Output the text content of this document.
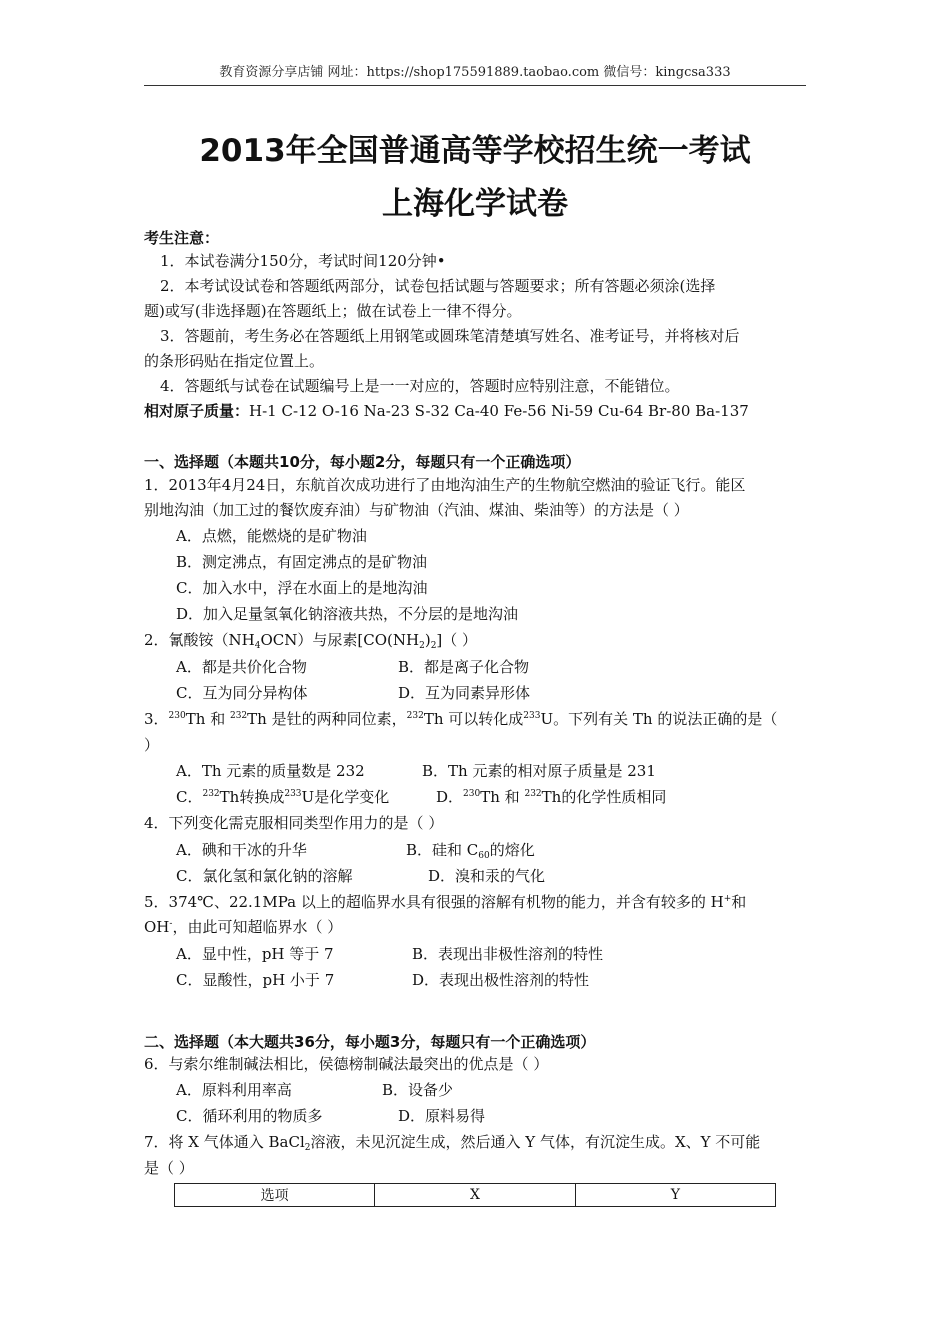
教育资源分享店铺 网址：https://shop175591889.taobao.com 微信号：kingcsa333
2013年全国普通高等学校招生统一考试
上海化学试卷
考生注意：
1．本试卷满分150分，考试时间120分钟•
2．本考试设试卷和答题纸两部分，试卷包括试题与答题要求；所有答题必须涂(选择
题)或写(非选择题)在答题纸上；做在试卷上一律不得分。
3．答题前，考生务必在答题纸上用钢笔或圆珠笔清楚填写姓名、准考证号，并将核对后
的条形码贴在指定位置上。
4．答题纸与试卷在试题编号上是一一对应的，答题时应特别注意，不能错位。
相对原子质量：H-1 C-12 O-16 Na-23 S-32 Ca-40 Fe-56 Ni-59 Cu-64 Br-80 Ba-137
一、选择题（本题共10分，每小题2分，每题只有一个正确选项）
1．2013年4月24日，东航首次成功进行了由地沟油生产的生物航空燃油的验证飞行。能区
别地沟油（加工过的餐饮废弃油）与矿物油（汽油、煤油、柴油等）的方法是（ ）
A．点燃，能燃烧的是矿物油
B．测定沸点，有固定沸点的是矿物油
C．加入水中，浮在水面上的是地沟油
D．加入足量氢氧化钠溶液共热，不分层的是地沟油
2．氰酸铵$(NH_4OCN)$与尿素$[CO(NH_2)_2]$（ ）
A．都是共价化合物	B．都是离子化合物
C．互为同分异构体	D．互为同素异形体
3．$^{230}$Th 和 $^{232}$Th 是钍的两种同位素，$^{232}$Th 可以转化成$^{233}$U。下列有关 Th 的说法正确的是（
）
A．Th 元素的质量数是 232	B．Th 元素的相对原子质量是 231
C．$^{232}$Th转换成$^{233}$U是化学变化	D．$^{230}$Th 和 $^{232}$Th的化学性质相同
4．下列变化需克服相同类型作用力的是（ ）
A．碘和干冰的升华	B．硅和 $C_{60}$的熔化
C．氯化氢和氯化钠的溶解	D．溴和汞的气化
5．374℃、22.1MPa 以上的超临界水具有很强的溶解有机物的能力，并含有较多的 H+和
OH-，由此可知超临界水（ ）
A．显中性，pH 等于 7	B．表现出非极性溶剂的特性
C．显酸性，pH 小于 7	D．表现出极性溶剂的特性
二、选择题（本大题共36分，每小题3分，每题只有一个正确选项）
6．与索尔维制碱法相比，侯德榜制碱法最突出的优点是（ ）
A．原料利用率高	B．设备少
C．循环利用的物质多	D．原料易得
7．将 X 气体通入 BaCl$_2$溶液，未见沉淀生成，然后通入 Y 气体，有沉淀生成。X、Y 不可能
是（ ）
选项	X	Y
